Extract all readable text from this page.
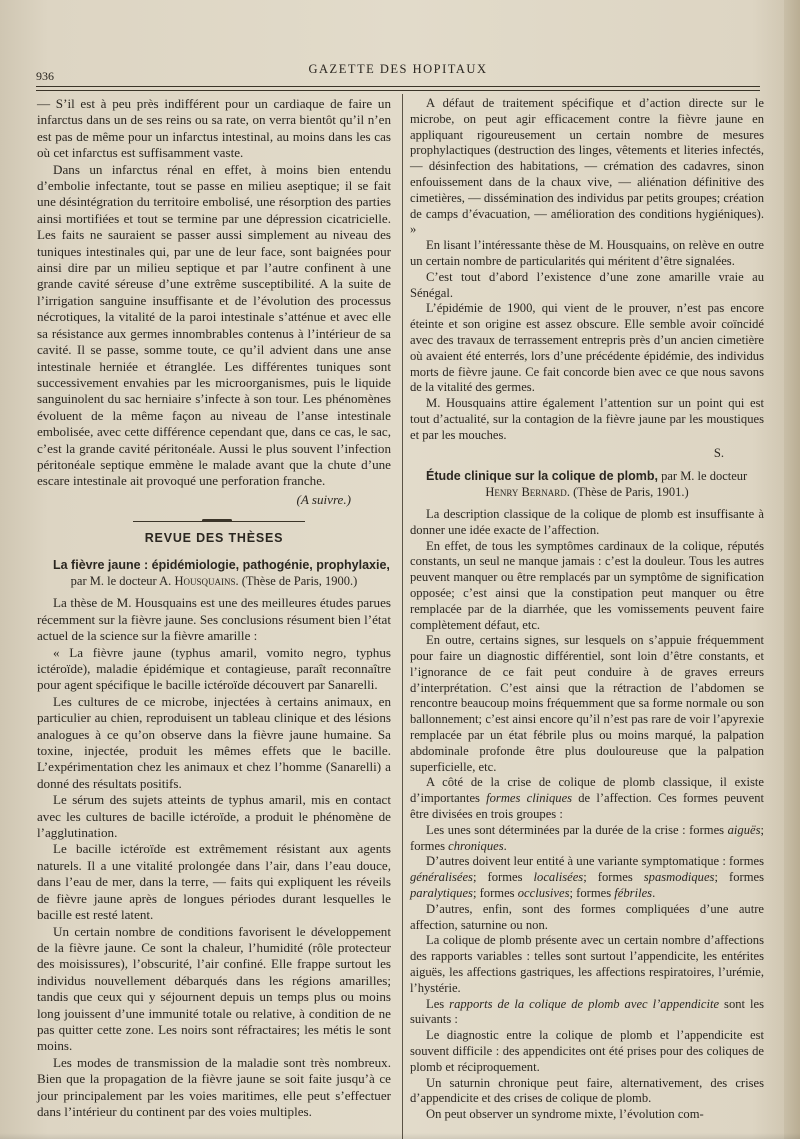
936	GAZETTE DES HOPITAUX

— S’il est à peu près indifférent pour un cardiaque de faire un infarctus dans un de ses reins ou sa rate, on verra bientôt qu’il n’en est pas de même pour un infarctus intestinal, au moins dans les cas où cet infarctus est suffisamment vaste.

Dans un infarctus rénal en effet, à moins bien entendu d’embolie infectante, tout se passe en milieu aseptique; il se fait une désintégration du territoire embolisé, une résorption des parties ainsi mortifiées et tout se termine par une dépression cicatricielle. Les faits ne sauraient se passer aussi simplement au niveau des tuniques intestinales qui, par une de leur face, sont baignées pour ainsi dire par un milieu septique et par l’autre confinent à une grande cavité séreuse d’une extrême susceptibilité. A la suite de l’irrigation sanguine insuffisante et de l’évolution des processus nécrotiques, la vitalité de la paroi intestinale s’atténue et avec elle sa résistance aux germes innombrables contenus à l’intérieur de sa cavité. Il se passe, somme toute, ce qu’il advient dans une anse intestinale herniée et étranglée. Les différentes tuniques sont successivement envahies par les microorganismes, puis le liquide sanguinolent du sac herniaire s’infecte à son tour. Les phénomènes évoluent de la même façon au niveau de l’anse intestinale embolisée, avec cette différence cependant que, dans ce cas, le sac, c’est la grande cavité péritonéale. Aussi le plus souvent l’infection péritonéale septique emmène le malade avant que la chute d’une escare intestinale ait provoqué une perforation franche.

(A suivre.)
REVUE DES THÈSES

La fièvre jaune : épidémiologie, pathogénie, prophylaxie,

par M. le docteur A. Housquains. (Thèse de Paris, 1900.)

La thèse de M. Housquains est une des meilleures études parues récemment sur la fièvre jaune. Ses conclusions résument bien l’état actuel de la science sur la fièvre amarille :

« La fièvre jaune (typhus amaril, vomito negro, typhus ictéroïde), maladie épidémique et contagieuse, paraît reconnaître pour agent spécifique le bacille ictéroïde découvert par Sanarelli.

Les cultures de ce microbe, injectées à certains animaux, en particulier au chien, reproduisent un tableau clinique et des lésions analogues à ce qu’on observe dans la fièvre jaune humaine. Sa toxine, injectée, produit les mêmes effets que le bacille. L’expérimentation chez les animaux et chez l’homme (Sanarelli) a donné des résultats positifs.

Le sérum des sujets atteints de typhus amaril, mis en contact avec les cultures de bacille ictéroïde, a produit le phénomène de l’agglutination.

Le bacille ictéroïde est extrêmement résistant aux agents naturels. Il a une vitalité prolongée dans l’air, dans l’eau douce, dans l’eau de mer, dans la terre, — faits qui expliquent les réveils de fièvre jaune après de longues périodes durant lesquelles le bacille est resté latent.

Un certain nombre de conditions favorisent le développement de la fièvre jaune. Ce sont la chaleur, l’humidité (rôle protecteur des moisissures), l’obscurité, l’air confiné. Elle frappe surtout les individus nouvellement débarqués dans les régions amarilles; tandis que ceux qui y séjournent depuis un temps plus ou moins long jouissent d’une immunité totale ou relative, à condition de ne pas quitter cette zone. Les noirs sont réfractaires; les métis le sont moins.

Les modes de transmission de la maladie sont très nombreux. Bien que la propagation de la fièvre jaune se soit faite jusqu’à ce jour principalement par les voies maritimes, elle peut s’effectuer dans l’intérieur du continent par des voies multiples.

A défaut de traitement spécifique et d’action directe sur le microbe, on peut agir efficacement contre la fièvre jaune en appliquant rigoureusement un certain nombre de mesures prophylactiques (destruction des linges, vêtements et literies infectés, — désinfection des habitations, — crémation des cadavres, sinon enfouissement dans de la chaux vive, — aliénation définitive des cimetières, — dissémination des individus par petits groupes; création de camps d’évacuation, — amélioration des conditions hygiéniques). »

En lisant l’intéressante thèse de M. Housquains, on relève en outre un certain nombre de particularités qui méritent d’être signalées.

C’est tout d’abord l’existence d’une zone amarille vraie au Sénégal.

L’épidémie de 1900, qui vient de le prouver, n’est pas encore éteinte et son origine est assez obscure. Elle semble avoir coïncidé avec des travaux de terrassement entrepris près d’un ancien cimetière où avaient été enterrés, lors d’une précédente épidémie, des individus morts de fièvre jaune. Ce fait concorde bien avec ce que nous savons de la vitalité des germes.

M. Housquains attire également l’attention sur un point qui est tout d’actualité, sur la contagion de la fièvre jaune par les moustiques et par les mouches.

S.

Étude clinique sur la colique de plomb, par M. le docteur

Henry Bernard. (Thèse de Paris, 1901.)

La description classique de la colique de plomb est insuffisante à donner une idée exacte de l’affection.

En effet, de tous les symptômes cardinaux de la colique, réputés constants, un seul ne manque jamais : c’est la douleur. Tous les autres peuvent manquer ou être remplacés par un symptôme de signification opposée; c’est ainsi que la constipation peut manquer ou être remplacée par de la diarrhée, que les vomissements peuvent faire complètement défaut, etc.

En outre, certains signes, sur lesquels on s’appuie fréquemment pour faire un diagnostic différentiel, sont loin d’être constants, et l’ignorance de ce fait peut conduire à de graves erreurs d’interprétation. C’est ainsi que la rétraction de l’abdomen se rencontre beaucoup moins fréquemment que sa forme normale ou son ballonnement; c’est ainsi encore qu’il n’est pas rare de voir l’apyrexie remplacée par un état fébrile plus ou moins marqué, la palpation abdominale profonde être plus douloureuse que la palpation superficielle, etc.

A côté de la crise de colique de plomb classique, il existe d’importantes formes cliniques de l’affection. Ces formes peuvent être divisées en trois groupes :

Les unes sont déterminées par la durée de la crise : formes aiguës; formes chroniques.

D’autres doivent leur entité à une variante symptomatique : formes généralisées; formes localisées; formes spasmodiques; formes paralytiques; formes occlusives; formes fébriles.

D’autres, enfin, sont des formes compliquées d’une autre affection, saturnine ou non.

La colique de plomb présente avec un certain nombre d’affections des rapports variables : telles sont surtout l’appendicite, les entérites aiguës, les affections gastriques, les affections respiratoires, l’urémie, l’hystérie.

Les rapports de la colique de plomb avec l’appendicite sont les suivants :

Le diagnostic entre la colique de plomb et l’appendicite est souvent difficile : des appendicites ont été prises pour des coliques de plomb et réciproquement.

Un saturnin chronique peut faire, alternativement, des crises d’appendicite et des crises de colique de plomb.

On peut observer un syndrome mixte, l’évolution com-
